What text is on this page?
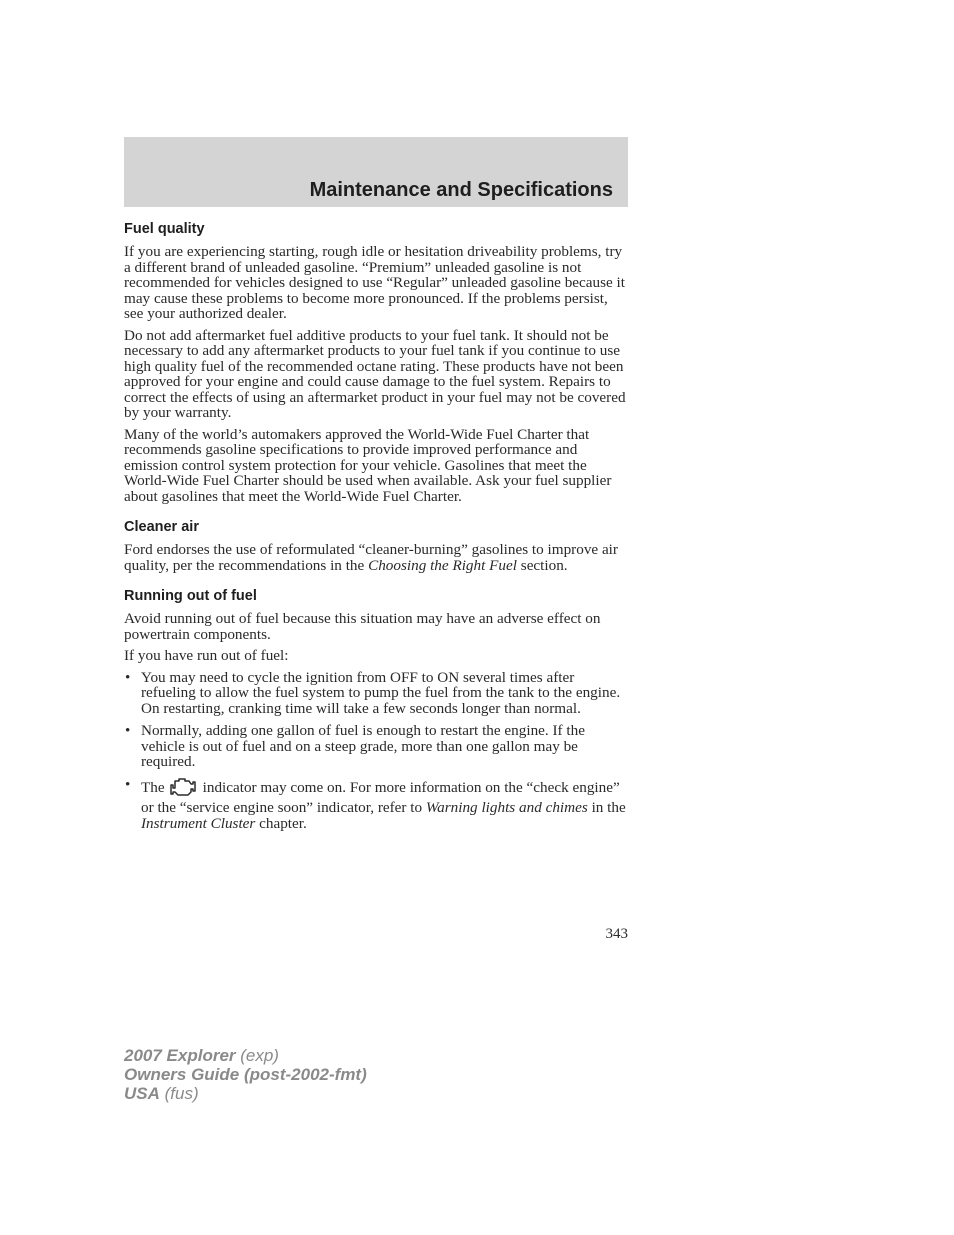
Maintenance and Specifications
Fuel quality

If you are experiencing starting, rough idle or hesitation driveability problems, try a different brand of unleaded gasoline. “Premium” unleaded gasoline is not recommended for vehicles designed to use “Regular” unleaded gasoline because it may cause these problems to become more pronounced. If the problems persist, see your authorized dealer.

Do not add aftermarket fuel additive products to your fuel tank. It should not be necessary to add any aftermarket products to your fuel tank if you continue to use high quality fuel of the recommended octane rating. These products have not been approved for your engine and could cause damage to the fuel system. Repairs to correct the effects of using an aftermarket product in your fuel may not be covered by your warranty.

Many of the world’s automakers approved the World-Wide Fuel Charter that recommends gasoline specifications to provide improved performance and emission control system protection for your vehicle. Gasolines that meet the World-Wide Fuel Charter should be used when available. Ask your fuel supplier about gasolines that meet the World-Wide Fuel Charter.

Cleaner air

Ford endorses the use of reformulated “cleaner-burning” gasolines to improve air quality, per the recommendations in the Choosing the Right Fuel section.

Running out of fuel

Avoid running out of fuel because this situation may have an adverse effect on powertrain components.

If you have run out of fuel:

• You may need to cycle the ignition from OFF to ON several times after refueling to allow the fuel system to pump the fuel from the tank to the engine. On restarting, cranking time will take a few seconds longer than normal.
• Normally, adding one gallon of fuel is enough to restart the engine. If the vehicle is out of fuel and on a steep grade, more than one gallon may be required.
• The	indicator may come on. For more information on the “check engine” or the “service engine soon” indicator, refer to Warning lights and chimes in the Instrument Cluster chapter.
343
2007 Explorer (exp)
Owners Guide (post-2002-fmt)
USA (fus)
